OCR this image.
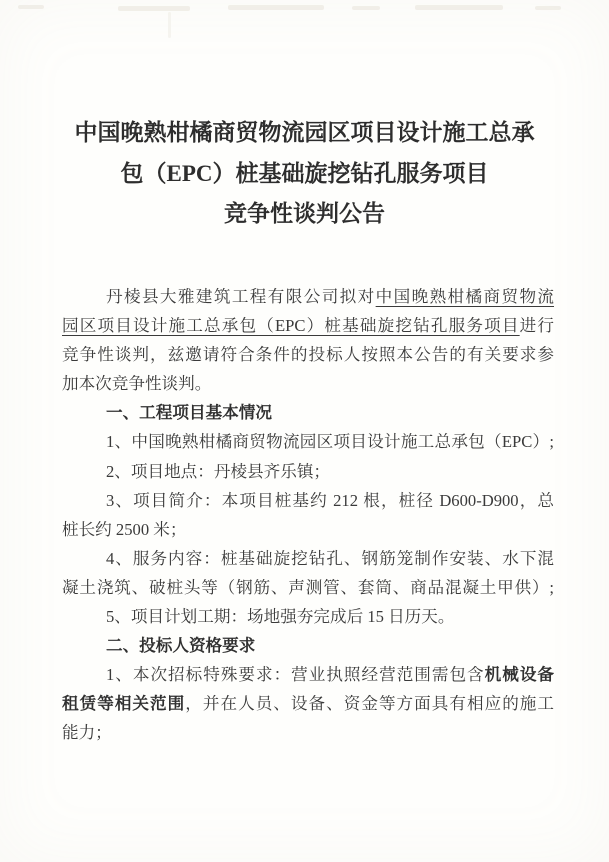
中国晚熟柑橘商贸物流园区项目设计施工总承
包（EPC）桩基础旋挖钻孔服务项目
竞争性谈判公告
丹棱县大雅建筑工程有限公司拟对中国晚熟柑橘商贸物流
园区项目设计施工总承包（EPC）桩基础旋挖钻孔服务项目进行
竞争性谈判，兹邀请符合条件的投标人按照本公告的有关要求参
加本次竞争性谈判。
一、工程项目基本情况
1、中国晚熟柑橘商贸物流园区项目设计施工总承包（EPC）;
2、项目地点：丹棱县齐乐镇；
3、项目简介：本项目桩基约 212 根，桩径 D600-D900，总
桩长约 2500 米；
4、服务内容：桩基础旋挖钻孔、钢筋笼制作安装、水下混
凝土浇筑、破桩头等（钢筋、声测管、套筒、商品混凝土甲供）;
5、项目计划工期：场地强夯完成后 15 日历天。
二、投标人资格要求
1、本次招标特殊要求：营业执照经营范围需包含机械设备
租赁等相关范围，并在人员、设备、资金等方面具有相应的施工
能力；
